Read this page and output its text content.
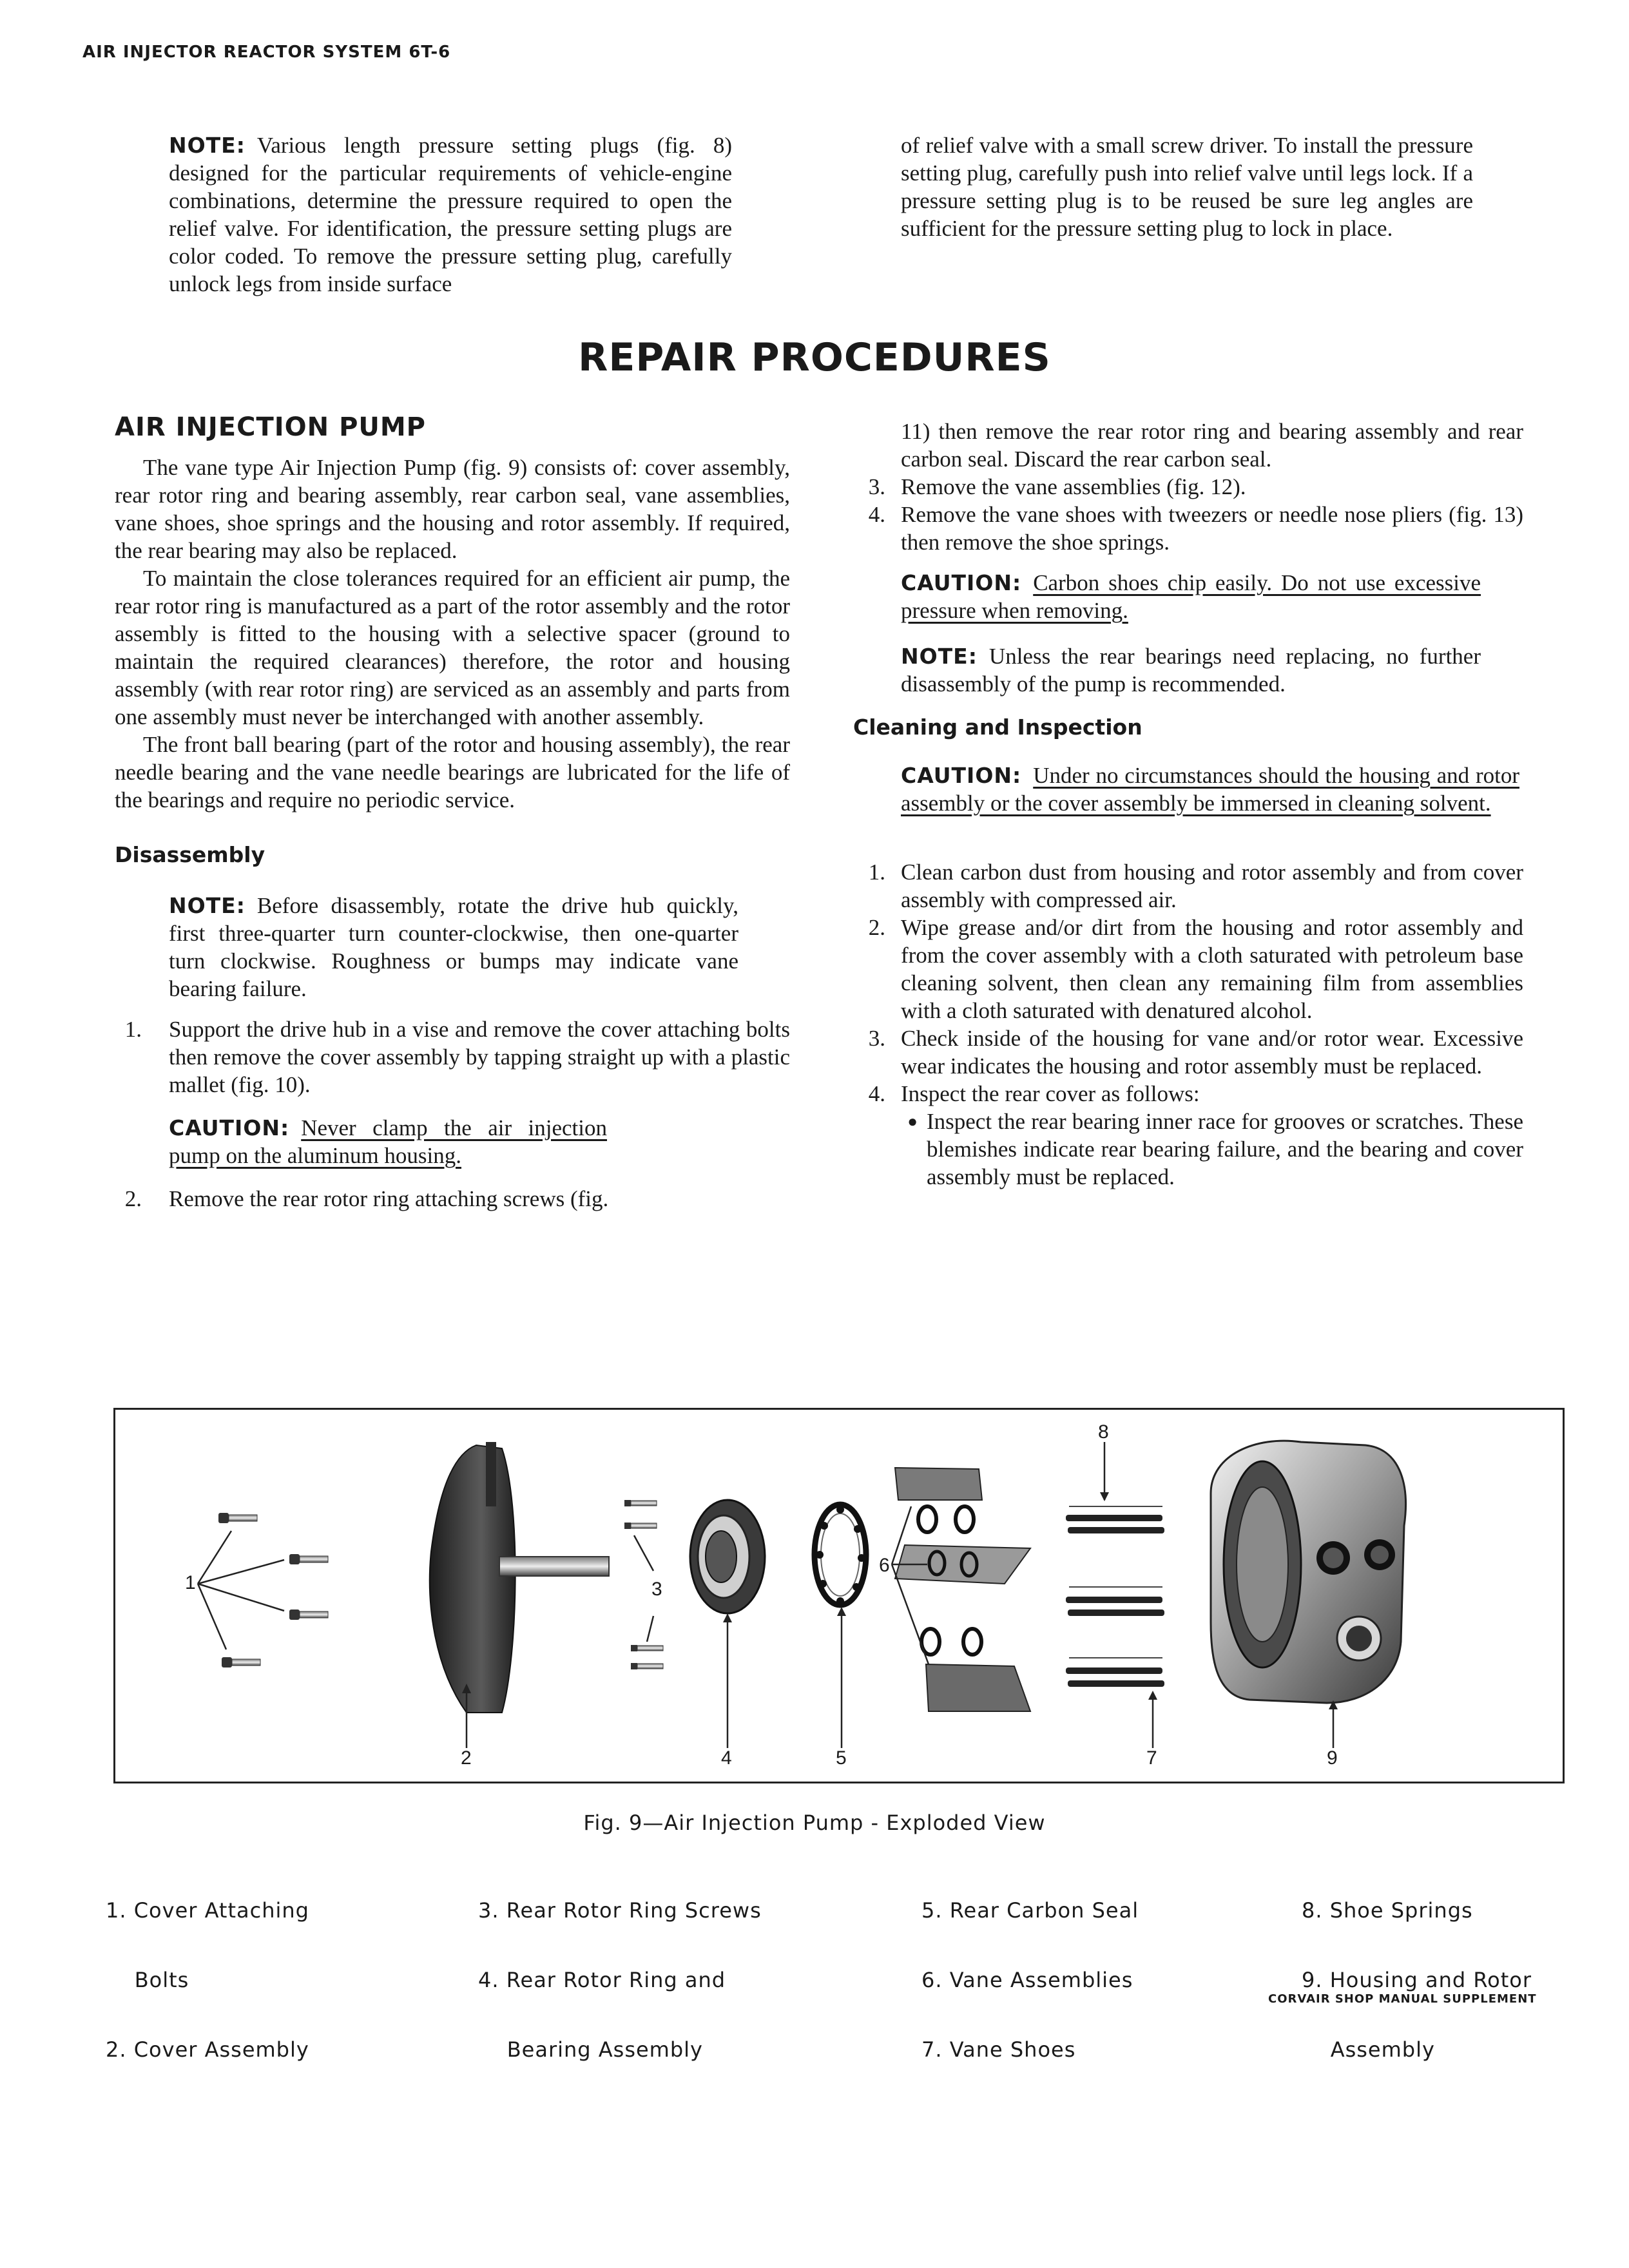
AIR INJECTOR REACTOR SYSTEM 6T-6

NOTE: Various length pressure setting plugs (fig. 8) designed for the particular requirements of vehicle-engine combinations, determine the pressure required to open the relief valve. For identification, the pressure setting plugs are color coded. To remove the pressure setting plug, carefully unlock legs from inside surface

of relief valve with a small screw driver. To install the pressure setting plug, carefully push into relief valve until legs lock. If a pressure setting plug is to be reused be sure leg angles are sufficient for the pressure setting plug to lock in place.

REPAIR PROCEDURES
AIR INJECTION PUMP

The vane type Air Injection Pump (fig. 9) consists of: cover assembly, rear rotor ring and bearing assembly, rear carbon seal, vane assemblies, vane shoes, shoe springs and the housing and rotor assembly. If required, the rear bearing may also be replaced.

To maintain the close tolerances required for an efficient air pump, the rear rotor ring is manufactured as a part of the rotor assembly and the rotor assembly is fitted to the housing with a selective spacer (ground to maintain the required clearances) therefore, the rotor and housing assembly (with rear rotor ring) are serviced as an assembly and parts from one assembly must never be interchanged with another assembly.

The front ball bearing (part of the rotor and housing assembly), the rear needle bearing and the vane needle bearings are lubricated for the life of the bearings and require no periodic service.

Disassembly

NOTE: Before disassembly, rotate the drive hub quickly, first three-quarter turn counter-clockwise, then one-quarter turn clockwise. Roughness or bumps may indicate vane bearing failure.

1. Support the drive hub in a vise and remove the cover attaching bolts then remove the cover assembly by tapping straight up with a plastic mallet (fig. 10).

CAUTION: Never clamp the air injection pump on the aluminum housing.

2. Remove the rear rotor ring attaching screws (fig.

11) then remove the rear rotor ring and bearing assembly and rear carbon seal. Discard the rear carbon seal.

3. Remove the vane assemblies (fig. 12).

4. Remove the vane shoes with tweezers or needle nose pliers (fig. 13) then remove the shoe springs.

CAUTION: Carbon shoes chip easily. Do not use excessive pressure when removing.

NOTE: Unless the rear bearings need replacing, no further disassembly of the pump is recommended.

Cleaning and Inspection

CAUTION: Under no circumstances should the housing and rotor assembly or the cover assembly be immersed in cleaning solvent.

1. Clean carbon dust from housing and rotor assembly and from cover assembly with compressed air.

2. Wipe grease and/or dirt from the housing and rotor assembly and from the cover assembly with a cloth saturated with petroleum base cleaning solvent, then clean any remaining film from assemblies with a cloth saturated with denatured alcohol.

3. Check inside of the housing for vane and/or rotor wear. Excessive wear indicates the housing and rotor assembly must be replaced.

4. Inspect the rear cover as follows:

● Inspect the rear bearing inner race for grooves or scratches. These blemishes indicate rear bearing failure, and the bearing and cover assembly must be replaced.

1
2
3
4	5
6
7
8
9
Fig. 9—Air Injection Pump - Exploded View

1. Cover Attaching

Bolts

2. Cover Assembly

3. Rear Rotor Ring Screws

4. Rear Rotor Ring and

Bearing Assembly

5. Rear Carbon Seal

6. Vane Assemblies

7. Vane Shoes

8. Shoe Springs

9. Housing and Rotor

Assembly

CORVAIR SHOP MANUAL SUPPLEMENT
